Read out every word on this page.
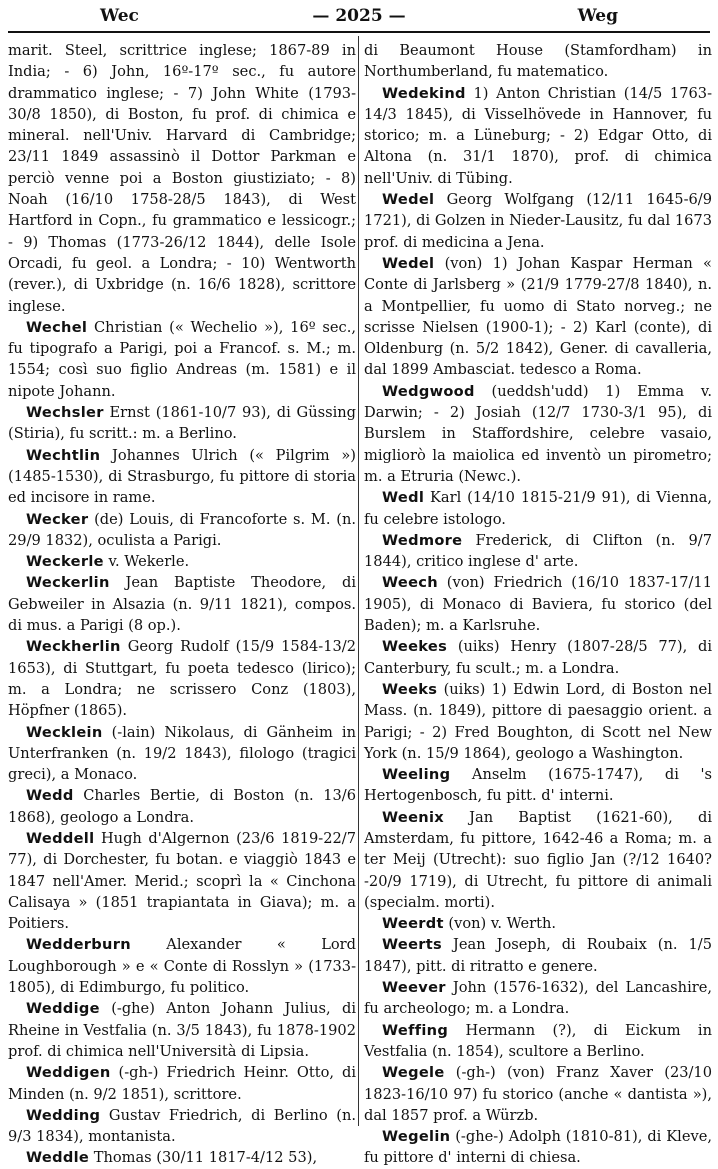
Wec	— 2025 —	Weg

marit. Steel, scrittrice inglese; 1867-89 in India; - 6) John, 16º-17º sec., fu autore drammatico inglese; - 7) John White (1793-30/8 1850), di Boston, fu prof. di chimica e mineral. nell'Univ. Harvard di Cambridge; 23/11 1849 assassinò il Dottor Parkman e perciò venne poi a Boston giustiziato; - 8) Noah (16/10 1758-28/5 1843), di West Hartford in Copn., fu grammatico e lessicogr.; - 9) Thomas (1773-26/12 1844), delle Isole Orcadi, fu geol. a Londra; - 10) Wentworth (rever.), di Uxbridge (n. 16/6 1828), scrittore inglese.

Wechel Christian (« Wechelio »), 16º sec., fu tipografo a Parigi, poi a Francof. s. M.; m. 1554; così suo figlio Andreas (m. 1581) e il nipote Johann.

Wechsler Ernst (1861-10/7 93), di Güssing (Stiria), fu scritt.: m. a Berlino.

Wechtlin Johannes Ulrich (« Pilgrim ») (1485-1530), di Strasburgo, fu pittore di storia ed incisore in rame.

Wecker (de) Louis, di Francoforte s. M. (n. 29/9 1832), oculista a Parigi.

Weckerle v. Wekerle.

Weckerlin Jean Baptiste Theodore, di Gebweiler in Alsazia (n. 9/11 1821), compos. di mus. a Parigi (8 op.).

Weckherlin Georg Rudolf (15/9 1584-13/2 1653), di Stuttgart, fu poeta tedesco (lirico); m. a Londra; ne scrissero Conz (1803), Höpfner (1865).

Wecklein (-lain) Nikolaus, di Gänheim in Unterfranken (n. 19/2 1843), filologo (tragici greci), a Monaco.

Wedd Charles Bertie, di Boston (n. 13/6 1868), geologo a Londra.

Weddell Hugh d'Algernon (23/6 1819-22/7 77), di Dorchester, fu botan. e viaggiò 1843 e 1847 nell'Amer. Merid.; scoprì la « Cinchona Calisaya » (1851 trapiantata in Giava); m. a Poitiers.

Wedderburn Alexander « Lord Loughborough » e « Conte di Rosslyn » (1733-1805), di Edimburgo, fu politico.

Weddige (-ghe) Anton Johann Julius, di Rheine in Vestfalia (n. 3/5 1843), fu 1878-1902 prof. di chimica nell'Università di Lipsia.

Weddigen (-gh-) Friedrich Heinr. Otto, di Minden (n. 9/2 1851), scrittore.

Wedding Gustav Friedrich, di Berlino (n. 9/3 1834), montanista.

Weddle Thomas (30/11 1817-4/12 53),

di Beaumont House (Stamfordham) in Northumberland, fu matematico.

Wedekind 1) Anton Christian (14/5 1763-14/3 1845), di Visselhövede in Hannover, fu storico; m. a Lüneburg; - 2) Edgar Otto, di Altona (n. 31/1 1870), prof. di chimica nell'Univ. di Tübing.

Wedel Georg Wolfgang (12/11 1645-6/9 1721), di Golzen in Nieder-Lausitz, fu dal 1673 prof. di medicina a Jena.

Wedel (von) 1) Johan Kaspar Herman « Conte di Jarlsberg » (21/9 1779-27/8 1840), n. a Montpellier, fu uomo di Stato norveg.; ne scrisse Nielsen (1900-1); - 2) Karl (conte), di Oldenburg (n. 5/2 1842), Gener. di cavalleria, dal 1899 Ambasciat. tedesco a Roma.

Wedgwood (ueddsh'udd) 1) Emma v. Darwin; - 2) Josiah (12/7 1730-3/1 95), di Burslem in Staffordshire, celebre vasaio, migliorò la maiolica ed inventò un pirometro; m. a Etruria (Newc.).

Wedl Karl (14/10 1815-21/9 91), di Vienna, fu celebre istologo.

Wedmore Frederick, di Clifton (n. 9/7 1844), critico inglese d' arte.

Weech (von) Friedrich (16/10 1837-17/11 1905), di Monaco di Baviera, fu storico (del Baden); m. a Karlsruhe.

Weekes (uiks) Henry (1807-28/5 77), di Canterbury, fu scult.; m. a Londra.

Weeks (uiks) 1) Edwin Lord, di Boston nel Mass. (n. 1849), pittore di paesaggio orient. a Parigi; - 2) Fred Boughton, di Scott nel New York (n. 15/9 1864), geologo a Washington.

Weeling Anselm (1675-1747), di 's Hertogenbosch, fu pitt. d' interni.

Weenix Jan Baptist (1621-60), di Amsterdam, fu pittore, 1642-46 a Roma; m. a ter Meij (Utrecht): suo figlio Jan (?/12 1640?-20/9 1719), di Utrecht, fu pittore di animali (specialm. morti).

Weerdt (von) v. Werth.

Weerts Jean Joseph, di Roubaix (n. 1/5 1847), pitt. di ritratto e genere.

Weever John (1576-1632), del Lancashire, fu archeologo; m. a Londra.

Weffing Hermann (?), di Eickum in Vestfalia (n. 1854), scultore a Berlino.

Wegele (-gh-) (von) Franz Xaver (23/10 1823-16/10 97) fu storico (anche « dantista »), dal 1857 prof. a Würzb.

Wegelin (-ghe-) Adolph (1810-81), di Kleve, fu pittore d' interni di chiesa.
